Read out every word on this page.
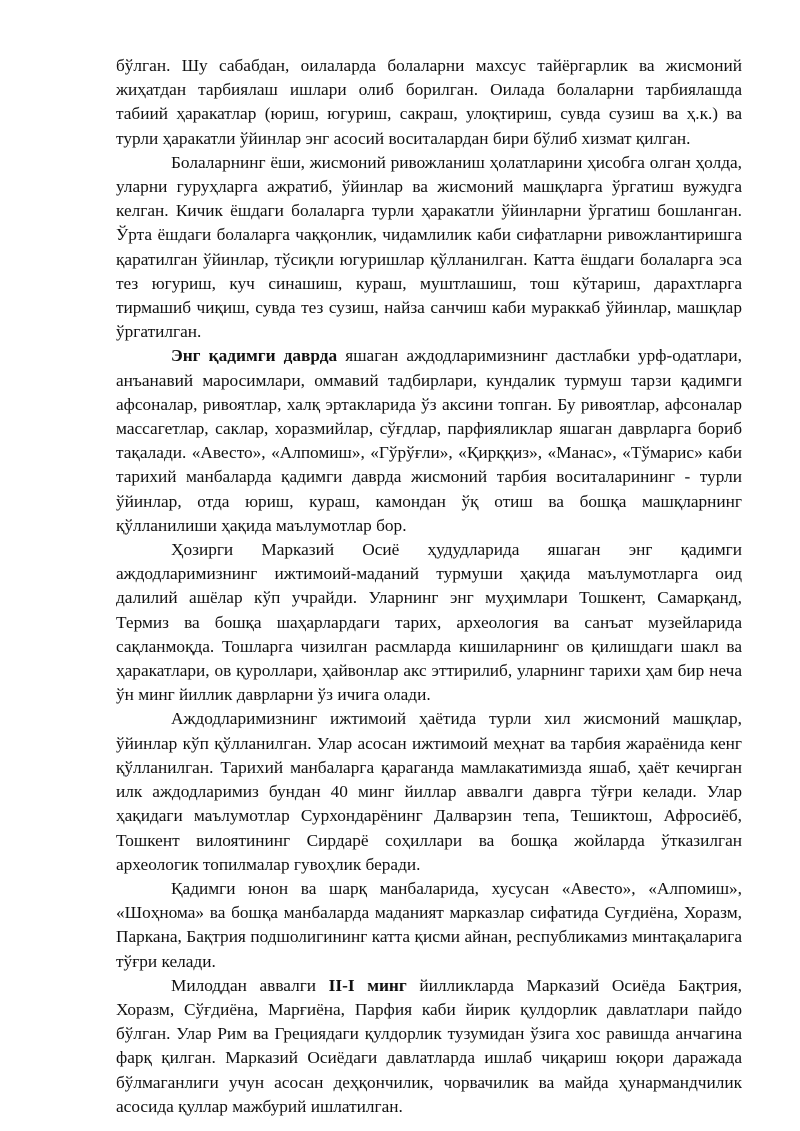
бўлган. Шу сабабдан, оилаларда болаларни махсус тайёргарлик ва жисмоний жиҳатдан тарбиялаш ишлари олиб борилган. Оилада болаларни тарбиялашда табиий ҳаракатлар (юриш, югуриш, сакраш, улоқтириш, сувда сузиш ва ҳ.к.) ва турли ҳаракатли ўйинлар энг асосий воситалардан бири бўлиб хизмат қилган.

Болаларнинг ёши, жисмоний ривожланиш ҳолатларини ҳисобга олган ҳолда, уларни гуруҳларга ажратиб, ўйинлар ва жисмоний машқларга ўргатиш вужудга келган. Кичик ёшдаги болаларга турли ҳаракатли ўйинларни ўргатиш бошланган. Ўрта ёшдаги болаларга чаққонлик, чидамлилик каби сифатларни ривожлантиришга қаратилган ўйинлар, тўсиқли югуришлар қўлланилган. Катта ёшдаги болаларга эса тез югуриш, куч синашиш, кураш, муштлашиш, тош кўтариш, дарахтларга тирмашиб чиқиш, сувда тез сузиш, найза санчиш каби мураккаб ўйинлар, машқлар ўргатилган.

Энг қадимги даврда яшаган аждодларимизнинг дастлабки урф-одатлари, анъанавий маросимлари, оммавий тадбирлари, кундалик турмуш тарзи қадимги афсоналар, ривоятлар, халқ эртакларида ўз аксини топган. Бу ривоятлар, афсоналар массагетлар, саклар, хоразмийлар, сўғдлар, парфияликлар яшаган даврларга бориб тақалади. «Авесто», «Алпомиш», «Гўрўғли», «Қирққиз», «Манас», «Тўмарис» каби тарихий манбаларда қадимги даврда жисмоний тарбия воситаларининг - турли ўйинлар, отда юриш, кураш, камондан ўқ отиш ва бошқа машқларнинг қўлланилиши ҳақида маълумотлар бор.

Ҳозирги Марказий Осиё ҳудудларида яшаган энг қадимги аждодларимизнинг ижтимоий-маданий турмуши ҳақида маълумотларга оид далилий ашёлар кўп учрайди. Уларнинг энг муҳимлари Тошкент, Самарқанд, Термиз ва бошқа шаҳарлардаги тарих, археология ва санъат музейларида сақланмоқда. Тошларга чизилган расмларда кишиларнинг ов қилишдаги шакл ва ҳаракатлари, ов қуроллари, ҳайвонлар акс эттирилиб, уларнинг тарихи ҳам бир неча ўн минг йиллик даврларни ўз ичига олади.

Аждодларимизнинг ижтимоий ҳаётида турли хил жисмоний машқлар, ўйинлар кўп қўлланилган. Улар асосан ижтимоий меҳнат ва тарбия жараёнида кенг қўлланилган. Тарихий манбаларга қараганда мамлакатимизда яшаб, ҳаёт кечирган илк аждодларимиз бундан 40 минг йиллар аввалги даврга тўғри келади. Улар ҳақидаги маълумотлар Сурхондарёнинг Далварзин тепа, Тешиктош, Афросиёб, Тошкент вилоятининг Сирдарё соҳиллари ва бошқа жойларда ўтказилган археологик топилмалар гувоҳлик беради.

Қадимги юнон ва шарқ манбаларида, хусусан «Авесто», «Алпомиш», «Шоҳнома» ва бошқа манбаларда маданият марказлар сифатида Суғдиёна, Хоразм, Паркана, Бақтрия подшолигининг катта қисми айнан, республикамиз минтақаларига тўғри келади.

Милоддан аввалги II-I минг йилликларда Марказий Осиёда Бақтрия, Хоразм, Сўғдиёна, Марғиёна, Парфия каби йирик қулдорлик давлатлари пайдо бўлган. Улар Рим ва Грециядаги қулдорлик тузумидан ўзига хос равишда анчагина фарқ қилган. Марказий Осиёдаги давлатларда ишлаб чиқариш юқори даражада бўлмаганлиги учун асосан деҳқончилик, чорвачилик ва майда ҳунармандчилик асосида қуллар мажбурий ишлатилган.
